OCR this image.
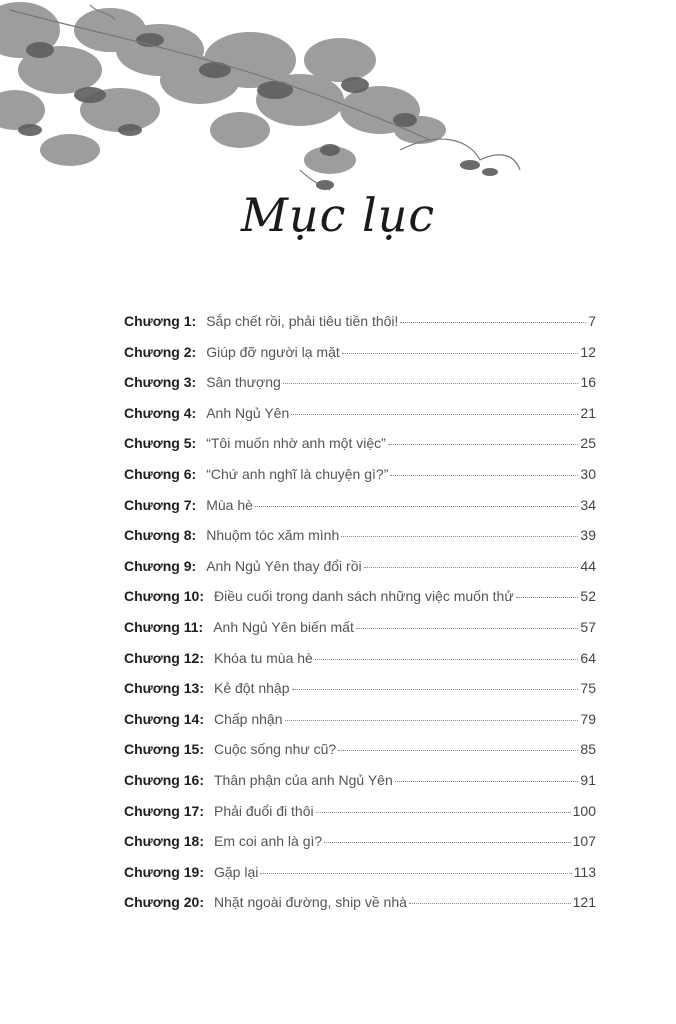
Mục lục
Chương 1: Sắp chết rồi, phải tiêu tiền thôi!	7
Chương 2: Giúp đỡ người lạ mặt	12
Chương 3: Sân thượng	16
Chương 4: Anh Ngủ Yên	21
Chương 5: “Tôi muốn nhờ anh một việc”	25
Chương 6: “Chứ anh nghĩ là chuyện gì?”	30
Chương 7: Mùa hè	34
Chương 8: Nhuộm tóc xăm mình	39
Chương 9: Anh Ngủ Yên thay đổi rồi	44
Chương 10: Điều cuối trong danh sách những việc muốn thử	52
Chương 11: Anh Ngủ Yên biến mất	57
Chương 12: Khóa tu mùa hè	64
Chương 13: Kẻ đột nhập	75
Chương 14: Chấp nhận	79
Chương 15: Cuộc sống như cũ?	85
Chương 16: Thân phận của anh Ngủ Yên	91
Chương 17: Phải đuổi đi thôi	100
Chương 18: Em coi anh là gì?	107
Chương 19: Gặp lại	113
Chương 20: Nhặt ngoài đường, ship về nhà	121
